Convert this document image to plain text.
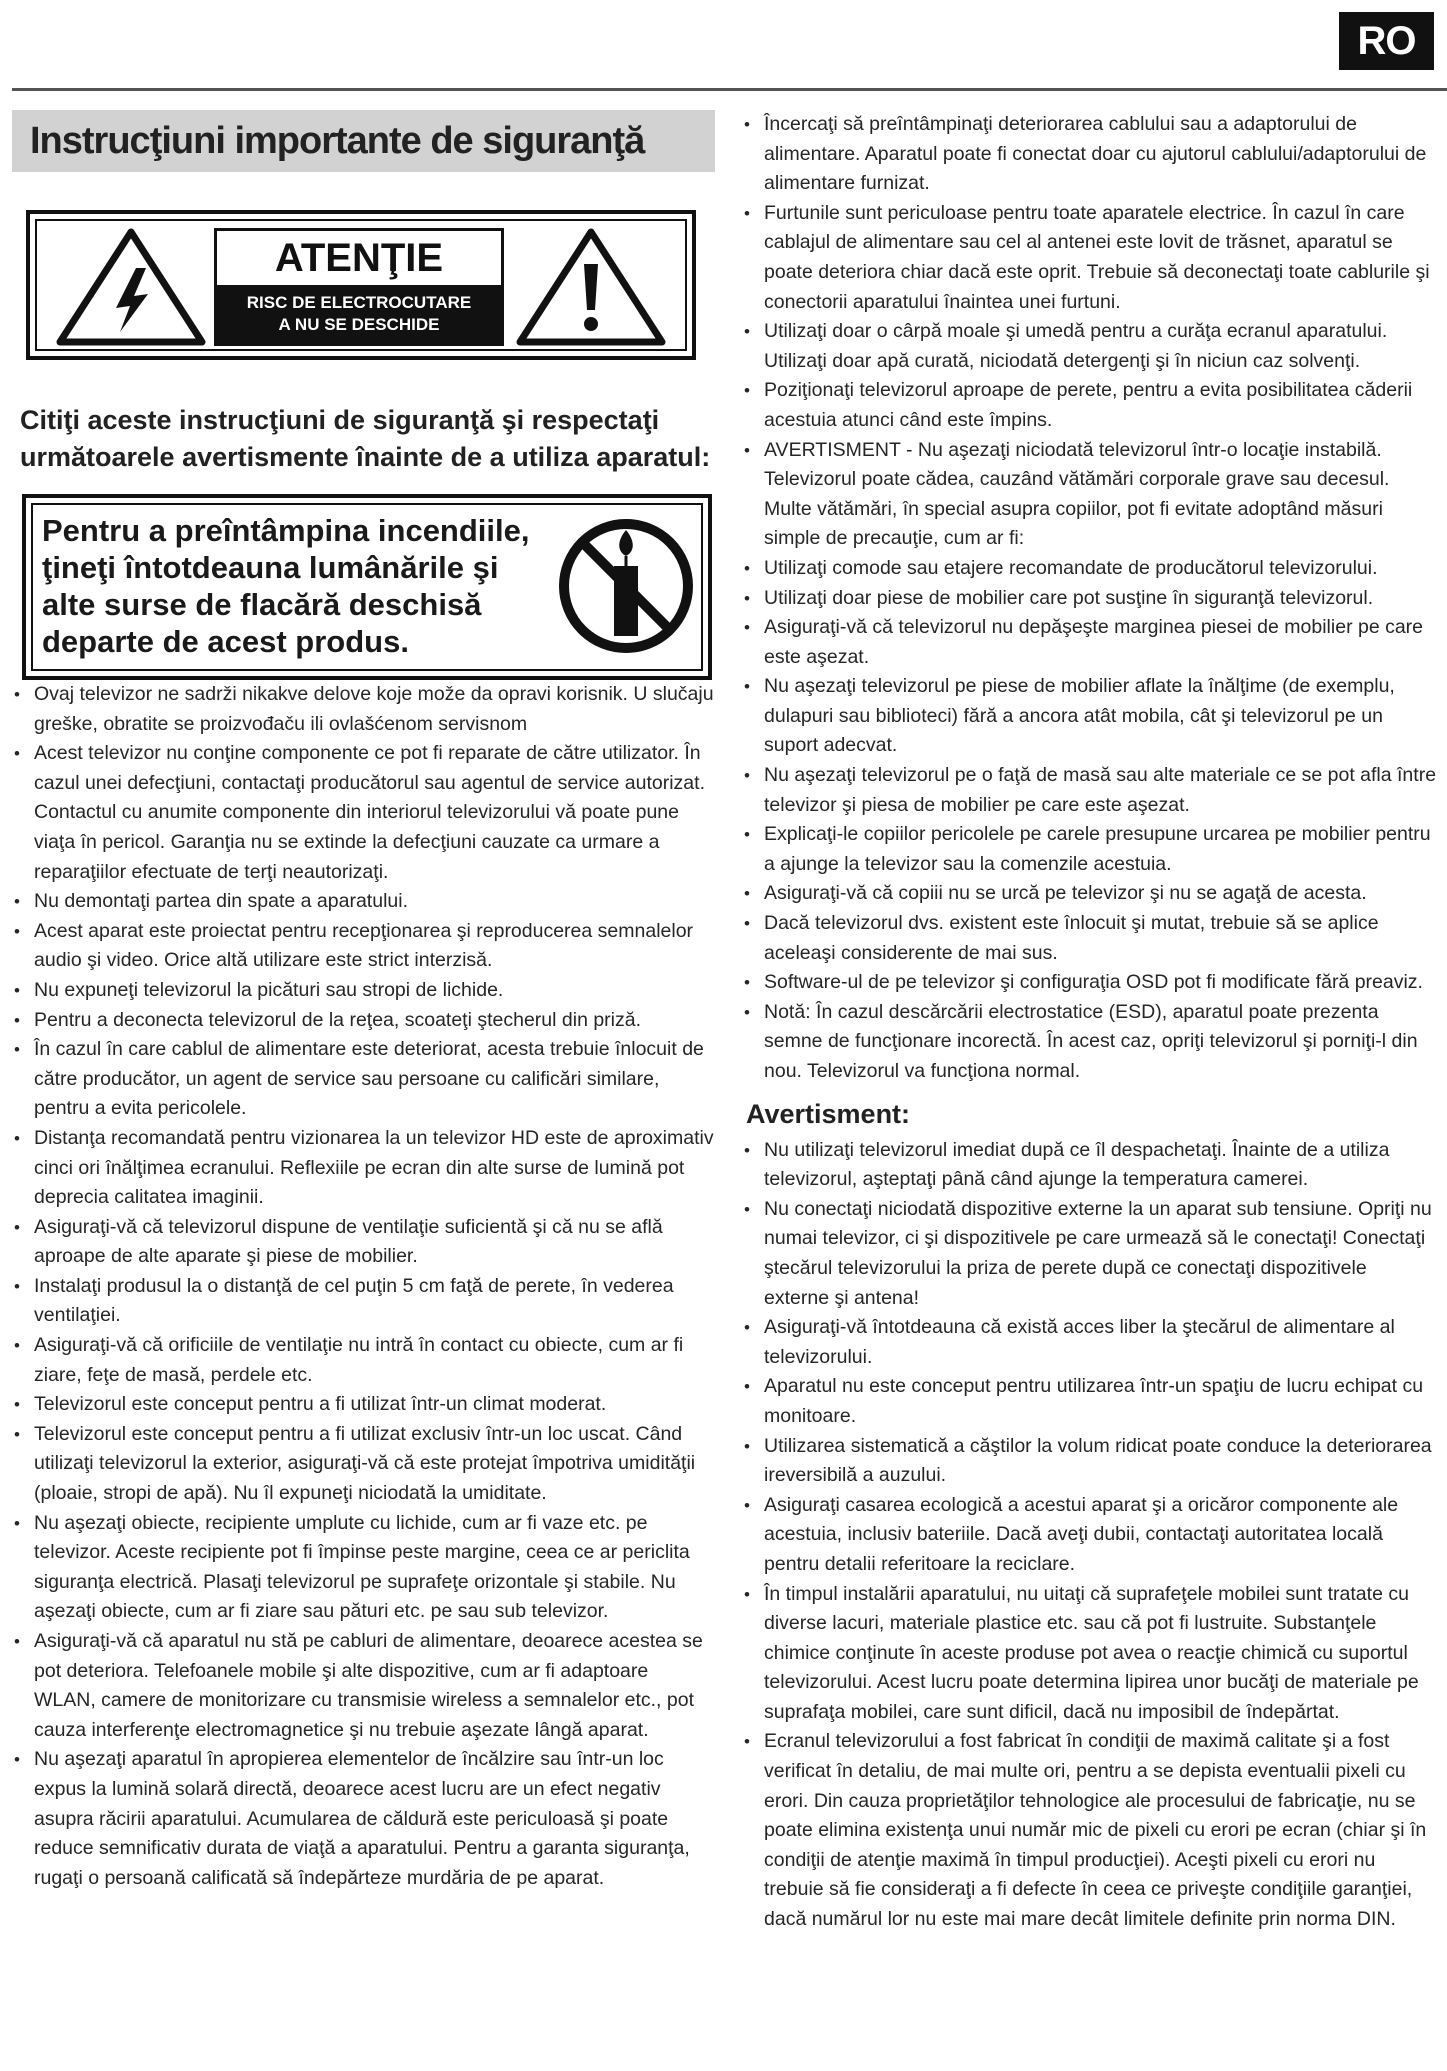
RO
Instrucţiuni importante de siguranţă
ATENŢIE
RISC DE ELECTROCUTARE
A NU SE DESCHIDE
Citiţi aceste instrucţiuni de siguranţă şi respectaţi următoarele avertismente înainte de a utiliza aparatul:
Pentru a preîntâmpina incendiile, ţineţi întotdeauna lumânările şi alte surse de flacără deschisă departe de acest produs.
• Ovaj televizor ne sadrži nikakve delove koje može da opravi korisnik. U slučaju greške, obratite se proizvođaču ili ovlašćenom servisnom
• Acest televizor nu conţine componente ce pot fi reparate de către utilizator. În cazul unei defecţiuni, contactaţi producătorul sau agentul de service autorizat. Contactul cu anumite componente din interiorul televizorului vă poate pune viaţa în pericol. Garanţia nu se extinde la defecţiuni cauzate ca urmare a reparaţiilor efectuate de terţi neautorizaţi.
• Nu demontaţi partea din spate a aparatului.
• Acest aparat este proiectat pentru recepţionarea şi reproducerea semnalelor audio şi video. Orice altă utilizare este strict interzisă.
• Nu expuneţi televizorul la picături sau stropi de lichide.
• Pentru a deconecta televizorul de la reţea, scoateţi ştecherul din priză.
• În cazul în care cablul de alimentare este deteriorat, acesta trebuie înlocuit de către producător, un agent de service sau persoane cu calificări similare, pentru a evita pericolele.
• Distanţa recomandată pentru vizionarea la un televizor HD este de aproximativ cinci ori înălţimea ecranului. Reflexiile pe ecran din alte surse de lumină pot deprecia calitatea imaginii.
• Asiguraţi-vă că televizorul dispune de ventilaţie suficientă şi că nu se află aproape de alte aparate şi piese de mobilier.
• Instalaţi produsul la o distanţă de cel puţin 5 cm faţă de perete, în vederea ventilaţiei.
• Asiguraţi-vă că orificiile de ventilaţie nu intră în contact cu obiecte, cum ar fi ziare, feţe de masă, perdele etc.
• Televizorul este conceput pentru a fi utilizat într-un climat moderat.
• Televizorul este conceput pentru a fi utilizat exclusiv într-un loc uscat. Când utilizaţi televizorul la exterior, asiguraţi-vă că este protejat împotriva umidităţii (ploaie, stropi de apă). Nu îl expuneţi niciodată la umiditate.
• Nu aşezaţi obiecte, recipiente umplute cu lichide, cum ar fi vaze etc. pe televizor. Aceste recipiente pot fi împinse peste margine, ceea ce ar periclita siguranţa electrică. Plasaţi televizorul pe suprafeţe orizontale şi stabile. Nu aşezaţi obiecte, cum ar fi ziare sau pături etc. pe sau sub televizor.
• Asiguraţi-vă că aparatul nu stă pe cabluri de alimentare, deoarece acestea se pot deteriora. Telefoanele mobile şi alte dispozitive, cum ar fi adaptoare WLAN, camere de monitorizare cu transmisie wireless a semnalelor etc., pot cauza interferenţe electromagnetice şi nu trebuie aşezate lângă aparat.
• Nu aşezaţi aparatul în apropierea elementelor de încălzire sau într-un loc expus la lumină solară directă, deoarece acest lucru are un efect negativ asupra răcirii aparatului. Acumularea de căldură este periculoasă şi poate reduce semnificativ durata de viaţă a aparatului. Pentru a garanta siguranţa, rugaţi o persoană calificată să îndepărteze murdăria de pe aparat.
• Încercaţi să preîntâmpinaţi deteriorarea cablului sau a adaptorului de alimentare. Aparatul poate fi conectat doar cu ajutorul cablului/adaptorului de alimentare furnizat.
• Furtunile sunt periculoase pentru toate aparatele electrice. În cazul în care cablajul de alimentare sau cel al antenei este lovit de trăsnet, aparatul se poate deteriora chiar dacă este oprit. Trebuie să deconectaţi toate cablurile şi conectorii aparatului înaintea unei furtuni.
• Utilizaţi doar o cârpă moale şi umedă pentru a curăţa ecranul aparatului. Utilizaţi doar apă curată, niciodată detergenţi şi în niciun caz solvenţi.
• Poziţionaţi televizorul aproape de perete, pentru a evita posibilitatea căderii acestuia atunci când este împins.
• AVERTISMENT - Nu aşezaţi niciodată televizorul într-o locaţie instabilă. Televizorul poate cădea, cauzând vătămări corporale grave sau decesul. Multe vătămări, în special asupra copiilor, pot fi evitate adoptând măsuri simple de precauţie, cum ar fi:
• Utilizaţi comode sau etajere recomandate de producătorul televizorului.
• Utilizaţi doar piese de mobilier care pot susţine în siguranţă televizorul.
• Asiguraţi-vă că televizorul nu depăşeşte marginea piesei de mobilier pe care este aşezat.
• Nu aşezaţi televizorul pe piese de mobilier aflate la înălţime (de exemplu, dulapuri sau biblioteci) fără a ancora atât mobila, cât şi televizorul pe un suport adecvat.
• Nu aşezaţi televizorul pe o faţă de masă sau alte materiale ce se pot afla între televizor şi piesa de mobilier pe care este aşezat.
• Explicaţi-le copiilor pericolele pe carele presupune urcarea pe mobilier pentru a ajunge la televizor sau la comenzile acestuia.
• Asiguraţi-vă că copiii nu se urcă pe televizor şi nu se agaţă de acesta.
• Dacă televizorul dvs. existent este înlocuit şi mutat, trebuie să se aplice aceleaşi considerente de mai sus.
• Software-ul de pe televizor şi configuraţia OSD pot fi modificate fără preaviz.
• Notă: În cazul descărcării electrostatice (ESD), aparatul poate prezenta semne de funcţionare incorectă. În acest caz, opriţi televizorul şi porniţi-l din nou. Televizorul va funcţiona normal.
Avertisment:
• Nu utilizaţi televizorul imediat după ce îl despachetaţi. Înainte de a utiliza televizorul, aşteptaţi până când ajunge la temperatura camerei.
• Nu conectaţi niciodată dispozitive externe la un aparat sub tensiune. Opriţi nu numai televizor, ci şi dispozitivele pe care urmează să le conectaţi! Conectaţi ştecărul televizorului la priza de perete după ce conectaţi dispozitivele externe şi antena!
• Asiguraţi-vă întotdeauna că există acces liber la ştecărul de alimentare al televizorului.
• Aparatul nu este conceput pentru utilizarea într-un spaţiu de lucru echipat cu monitoare.
• Utilizarea sistematică a căştilor la volum ridicat poate conduce la deteriorarea ireversibilă a auzului.
• Asiguraţi casarea ecologică a acestui aparat şi a oricăror componente ale acestuia, inclusiv bateriile. Dacă aveţi dubii, contactaţi autoritatea locală pentru detalii referitoare la reciclare.
• În timpul instalării aparatului, nu uitaţi că suprafeţele mobilei sunt tratate cu diverse lacuri, materiale plastice etc. sau că pot fi lustruite. Substanţele chimice conţinute în aceste produse pot avea o reacţie chimică cu suportul televizorului. Acest lucru poate determina lipirea unor bucăţi de materiale pe suprafaţa mobilei, care sunt dificil, dacă nu imposibil de îndepărtat.
• Ecranul televizorului a fost fabricat în condiţii de maximă calitate şi a fost verificat în detaliu, de mai multe ori, pentru a se depista eventualii pixeli cu erori. Din cauza proprietăţilor tehnologice ale procesului de fabricaţie, nu se poate elimina existenţa unui număr mic de pixeli cu erori pe ecran (chiar şi în condiţii de atenţie maximă în timpul producţiei). Aceşti pixeli cu erori nu trebuie să fie consideraţi a fi defecte în ceea ce priveşte condiţiile garanţiei, dacă numărul lor nu este mai mare decât limitele definite prin norma DIN.
